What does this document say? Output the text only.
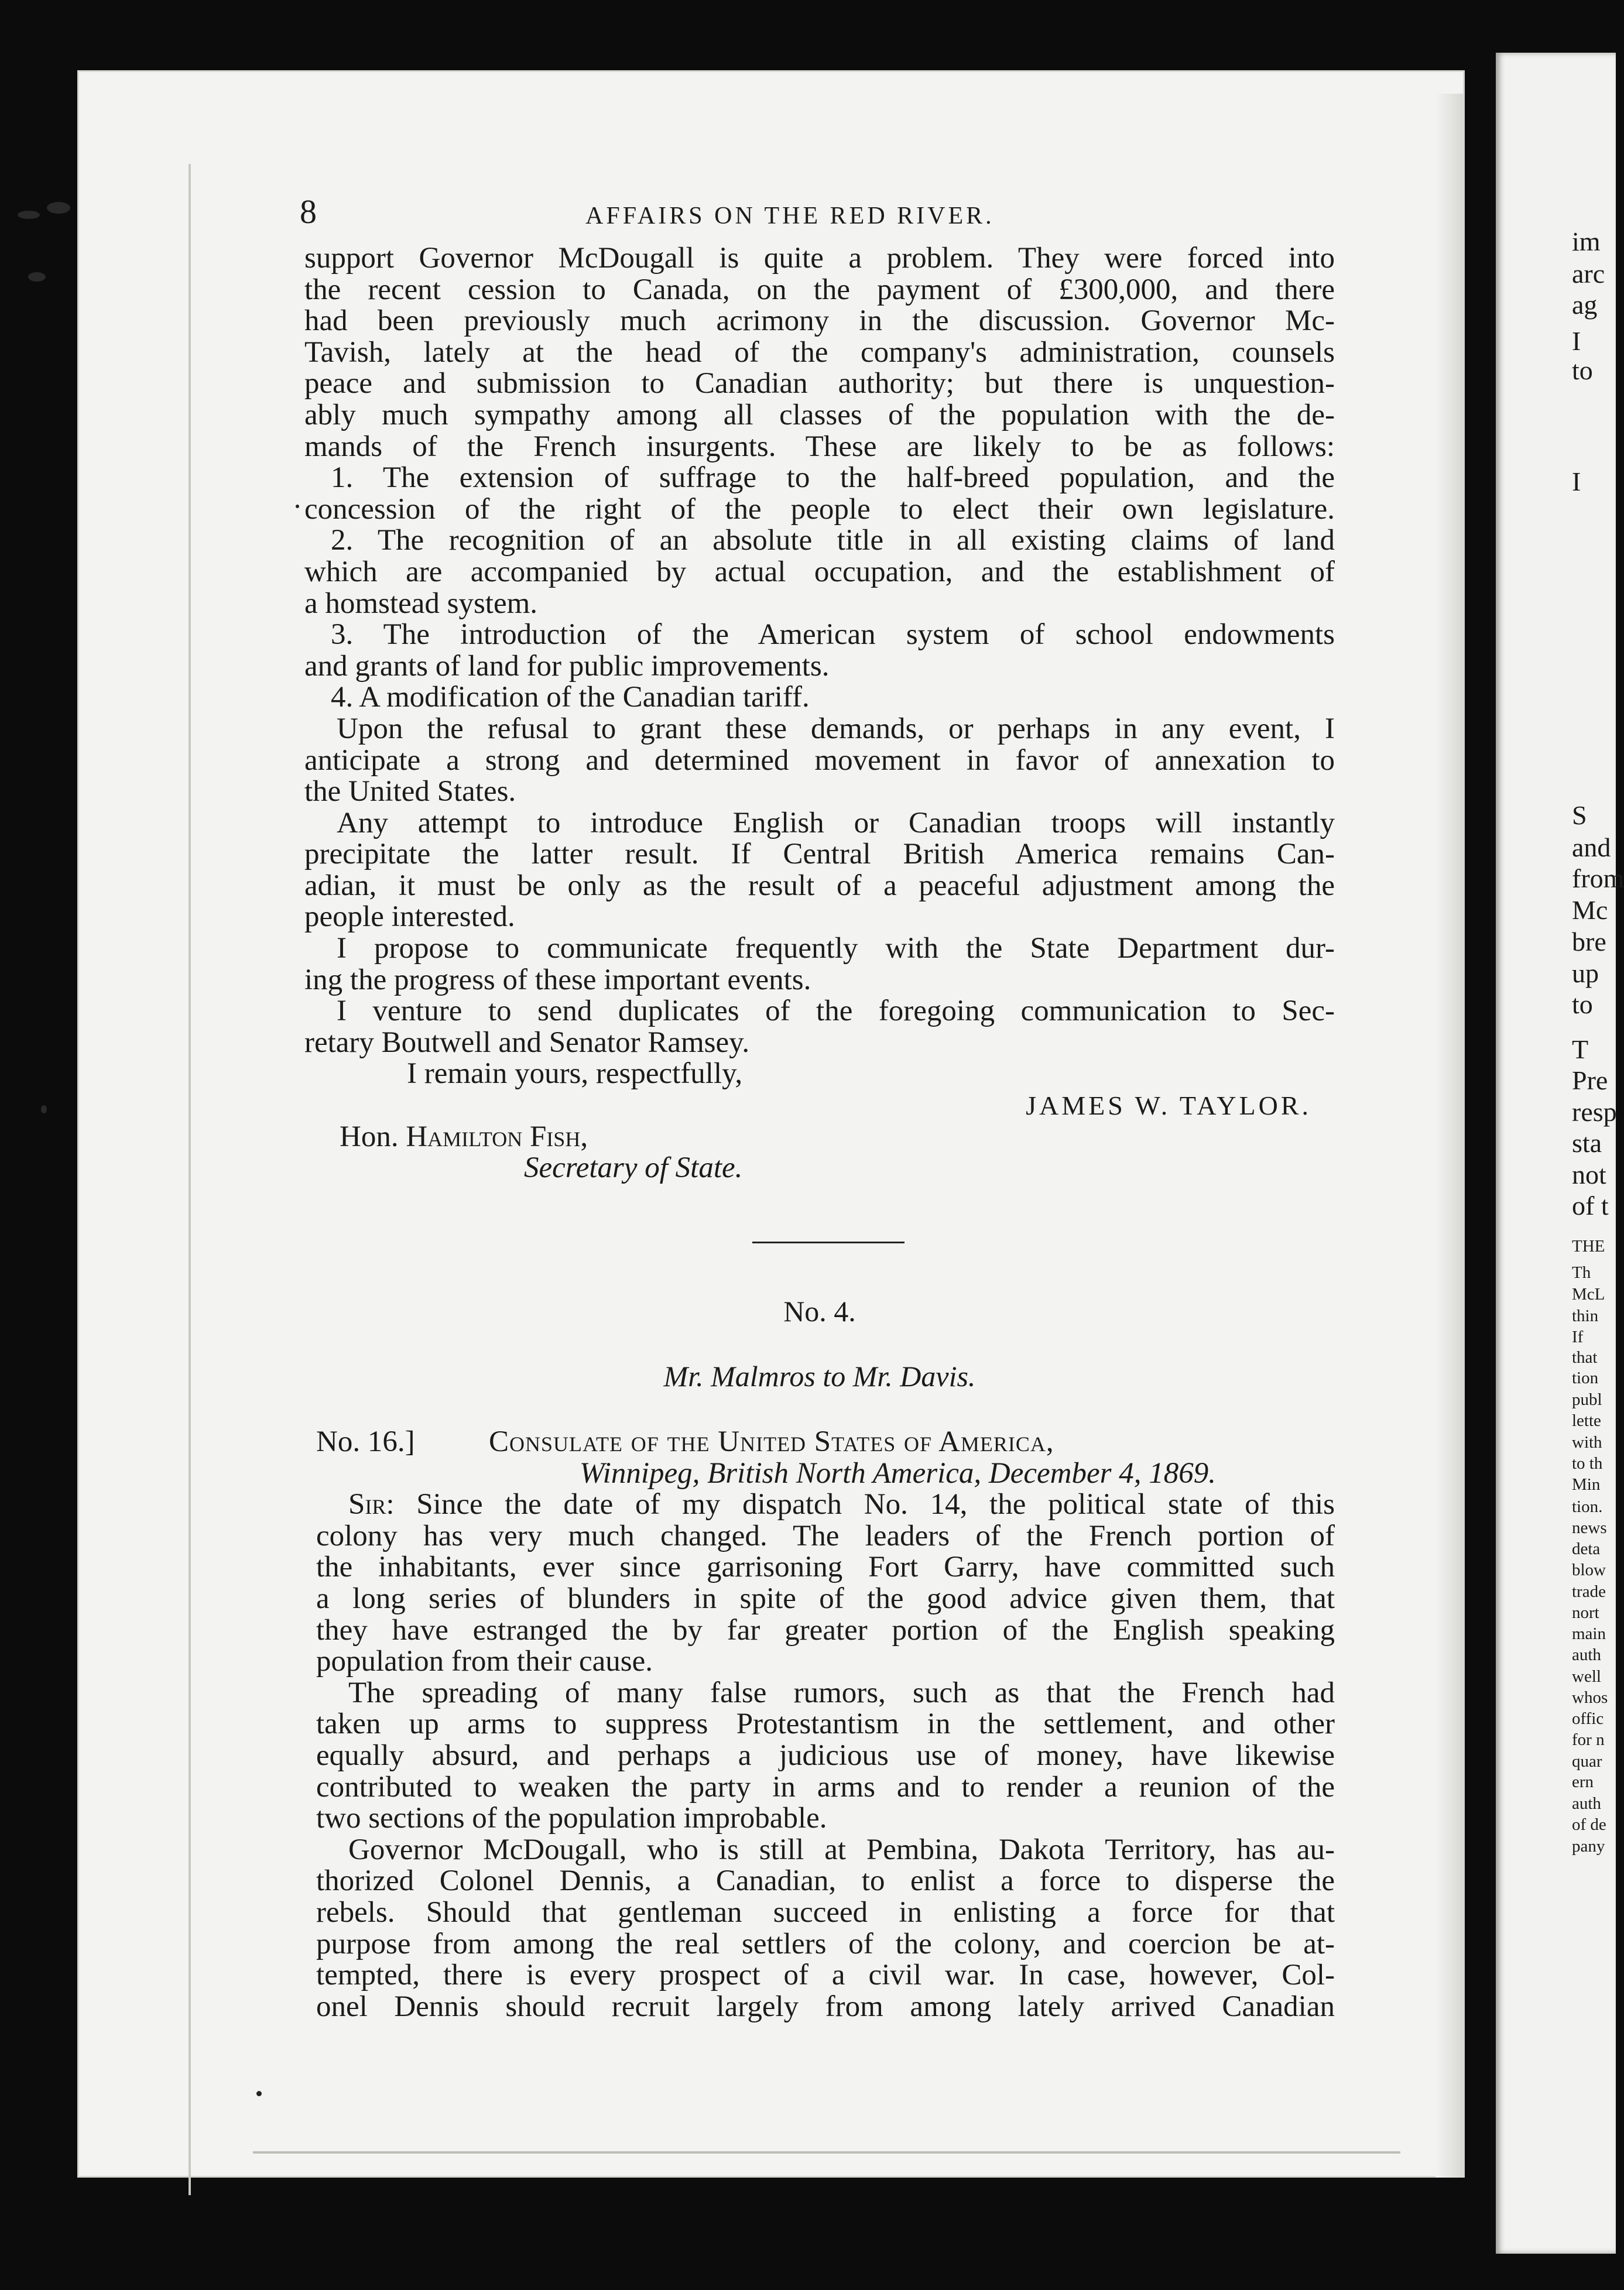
im
arc
ag
I
to
I
S
and
from
Mc
bre
up
to
T
Pre
resp
sta
not
of t
THE
Th
McL
thin
If
that
tion
publ
lette
with
to th
Min
tion.
news
deta
blow
trade
nort
main
auth
well
whos
offic
for n
quar
ern
auth
of de
pany
8	AFFAIRS ON THE RED RIVER.

support Governor McDougall is quite a problem. They were forced into

the recent cession to Canada, on the payment of £300,000, and there

had been previously much acrimony in the discussion. Governor Mc-

Tavish, lately at the head of the company's administration, counsels

peace and submission to Canadian authority; but there is unquestion-

ably much sympathy among all classes of the population with the de-

mands of the French insurgents. These are likely to be as follows:

1. The extension of suffrage to the half-breed population, and the

concession of the right of the people to elect their own legislature.

2. The recognition of an absolute title in all existing claims of land

which are accompanied by actual occupation, and the establishment of

a homstead system.

3. The introduction of the American system of school endowments

and grants of land for public improvements.

4. A modification of the Canadian tariff.

Upon the refusal to grant these demands, or perhaps in any event, I

anticipate a strong and determined movement in favor of annexation to

the United States.

Any attempt to introduce English or Canadian troops will instantly

precipitate the latter result. If Central British America remains Can-

adian, it must be only as the result of a peaceful adjustment among the

people interested.

I propose to communicate frequently with the State Department dur-

ing the progress of these important events.

I venture to send duplicates of the foregoing communication to Sec-

retary Boutwell and Senator Ramsey.

I remain yours, respectfully,

JAMES W. TAYLOR.

Hon. Hamilton Fish,

Secretary of State.

No. 4.
Mr. Malmros to Mr. Davis.
No. 16.] Consulate of the United States of America,

Winnipeg, British North America, December 4, 1869.

Sir: Since the date of my dispatch No. 14, the political state of this

colony has very much changed. The leaders of the French portion of

the inhabitants, ever since garrisoning Fort Garry, have committed such

a long series of blunders in spite of the good advice given them, that

they have estranged the by far greater portion of the English speaking

population from their cause.

The spreading of many false rumors, such as that the French had

taken up arms to suppress Protestantism in the settlement, and other

equally absurd, and perhaps a judicious use of money, have likewise

contributed to weaken the party in arms and to render a reunion of the

two sections of the population improbable.

Governor McDougall, who is still at Pembina, Dakota Territory, has au-

thorized Colonel Dennis, a Canadian, to enlist a force to disperse the

rebels. Should that gentleman succeed in enlisting a force for that

purpose from among the real settlers of the colony, and coercion be at-

tempted, there is every prospect of a civil war. In case, however, Col-

onel Dennis should recruit largely from among lately arrived Canadian
